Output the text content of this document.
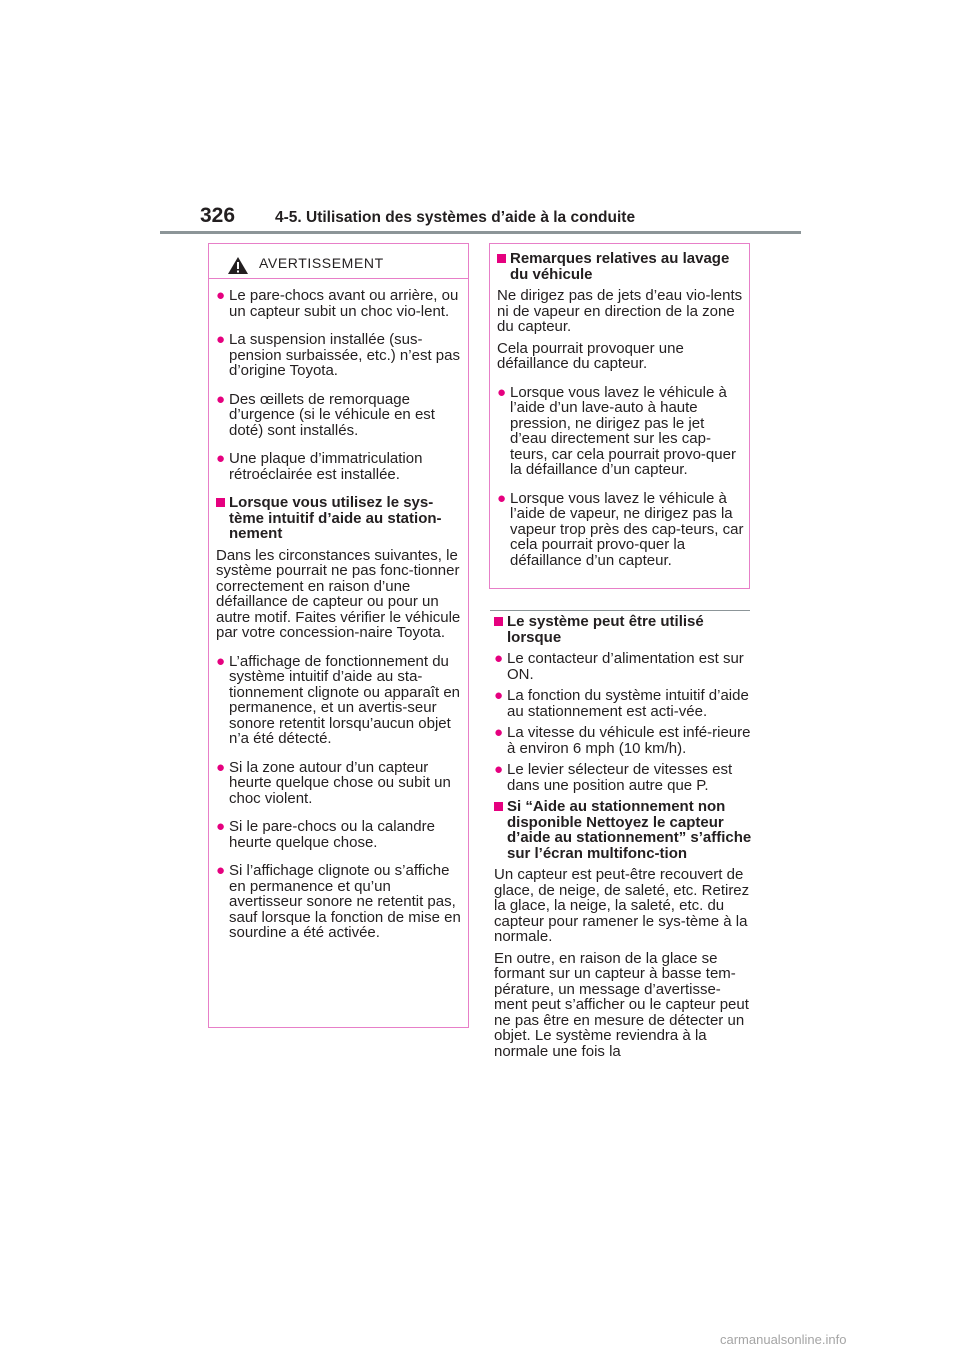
326	4-5. Utilisation des systèmes d’aide à la conduite
AVERTISSEMENT
● Le pare-chocs avant ou arrière, ou un capteur subit un choc vio-lent.
● La suspension installée (sus-pension surbaissée, etc.) n’est pas d’origine Toyota.
● Des œillets de remorquage d’urgence (si le véhicule en est doté) sont installés.
● Une plaque d’immatriculation rétroéclairée est installée.
Lorsque vous utilisez le sys-tème intuitif d’aide au station-nement

Dans les circonstances suivantes, le système pourrait ne pas fonc-tionner correctement en raison d’une défaillance de capteur ou pour un autre motif. Faites vérifier le véhicule par votre concession-naire Toyota.

● L’affichage de fonctionnement du système intuitif d’aide au sta-tionnement clignote ou apparaît en permanence, et un avertis-seur sonore retentit lorsqu’aucun objet n’a été détecté.
● Si la zone autour d’un capteur heurte quelque chose ou subit un choc violent.
● Si le pare-chocs ou la calandre heurte quelque chose.
● Si l’affichage clignote ou s’affiche en permanence et qu’un avertisseur sonore ne retentit pas, sauf lorsque la fonction de mise en sourdine a été activée.
Remarques relatives au lavage du véhicule

Ne dirigez pas de jets d’eau vio-lents ni de vapeur en direction de la zone du capteur.

Cela pourrait provoquer une défaillance du capteur.

● Lorsque vous lavez le véhicule à l’aide d’un lave-auto à haute pression, ne dirigez pas le jet d’eau directement sur les cap-teurs, car cela pourrait provo-quer la défaillance d’un capteur.
● Lorsque vous lavez le véhicule à l’aide de vapeur, ne dirigez pas la vapeur trop près des cap-teurs, car cela pourrait provo-quer la défaillance d’un capteur.
Le système peut être utilisé lorsque
● Le contacteur d’alimentation est sur ON.
● La fonction du système intuitif d’aide au stationnement est acti-vée.
● La vitesse du véhicule est infé-rieure à environ 6 mph (10 km/h).
● Le levier sélecteur de vitesses est dans une position autre que P.
Si “Aide au stationnement non disponible Nettoyez le capteur d’aide au stationnement” s’affiche sur l’écran multifonc-tion

Un capteur est peut-être recouvert de glace, de neige, de saleté, etc. Retirez la glace, la neige, la saleté, etc. du capteur pour ramener le sys-tème à la normale.

En outre, en raison de la glace se formant sur un capteur à basse tem-pérature, un message d’avertisse-ment peut s’afficher ou le capteur peut ne pas être en mesure de détecter un objet. Le système reviendra à la normale une fois la

carmanualsonline.info
